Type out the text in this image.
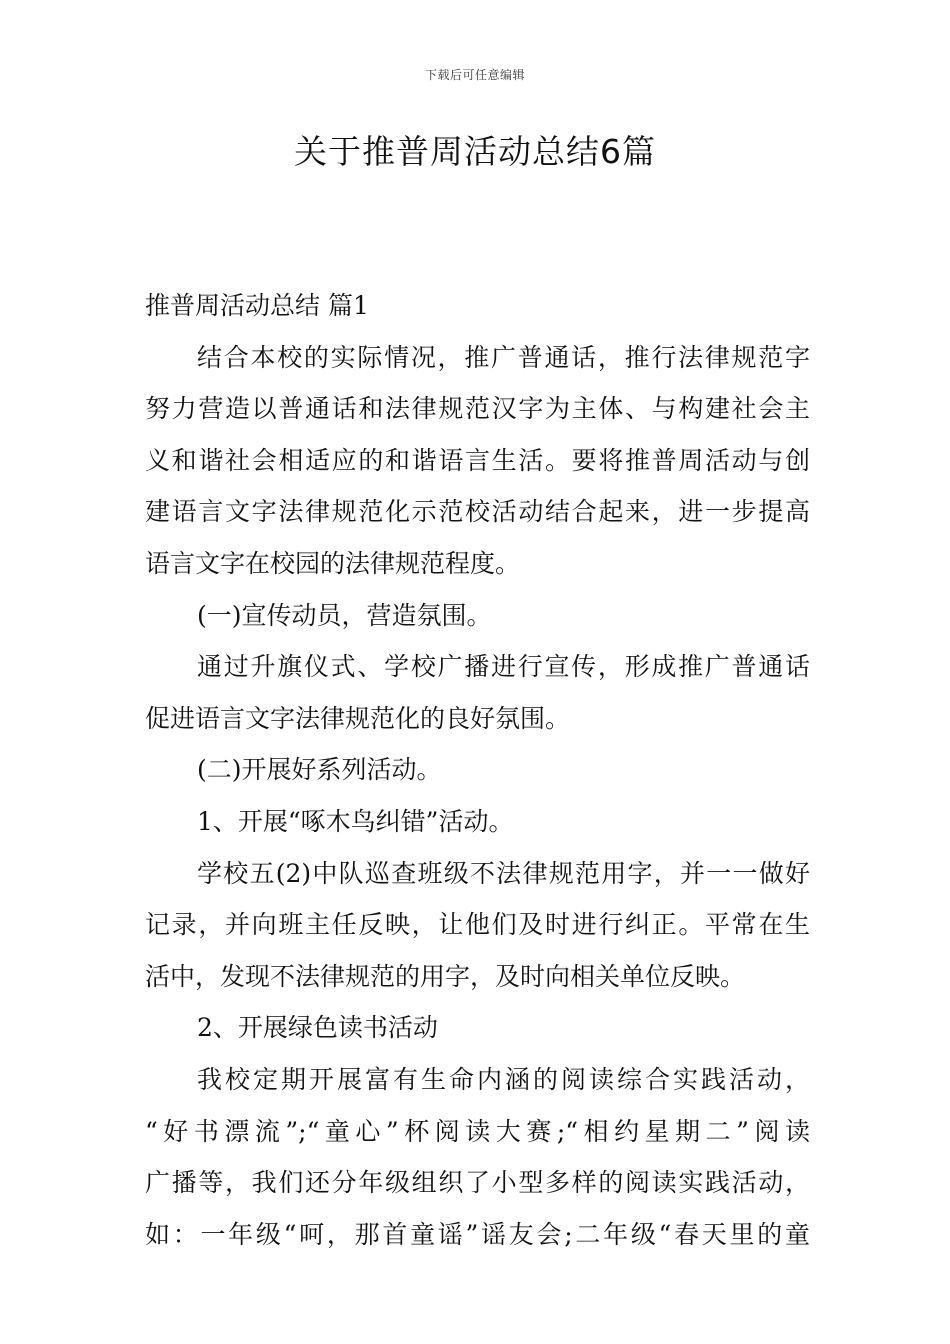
下载后可任意编辑
关于推普周活动总结6篇
推普周活动总结 篇1
结合本校的实际情况，推广普通话，推行法律规范字
努力营造以普通话和法律规范汉字为主体、与构建社会主
义和谐社会相适应的和谐语言生活。要将推普周活动与创
建语言文字法律规范化示范校活动结合起来，进一步提高
语言文字在校园的法律规范程度。
(一)宣传动员，营造氛围。
通过升旗仪式、学校广播进行宣传，形成推广普通话
促进语言文字法律规范化的良好氛围。
(二)开展好系列活动。
1、开展“啄木鸟纠错”活动。
学校五(2)中队巡查班级不法律规范用字，并一一做好
记录，并向班主任反映，让他们及时进行纠正。平常在生
活中，发现不法律规范的用字，及时向相关单位反映。
2、开展绿色读书活动
我校定期开展富有生命内涵的阅读综合实践活动，
“好书漂流”;“童心”杯阅读大赛;“相约星期二”阅读
广播等，我们还分年级组织了小型多样的阅读实践活动，
如：一年级“呵，那首童谣”谣友会;二年级“春天里的童
